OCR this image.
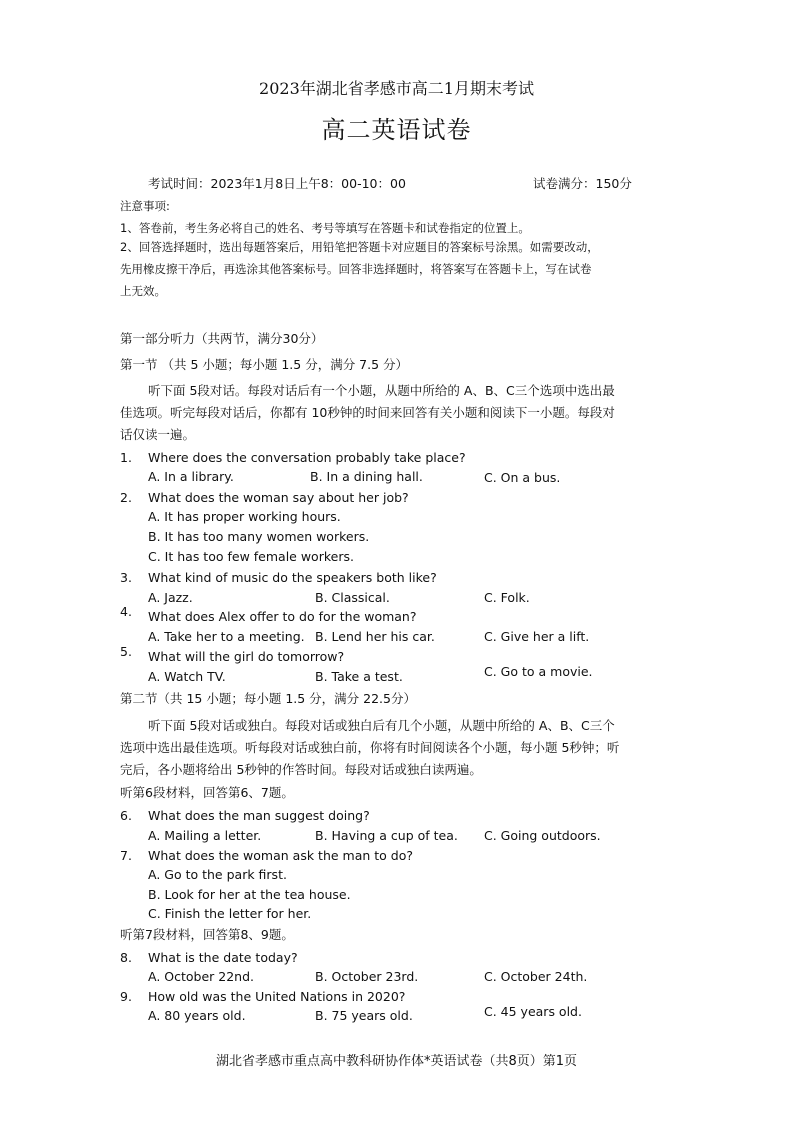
2023年湖北省孝感市高二1月期末考试
高二英语试卷
考试时间：2023年1月8日上午8：00-10：00	试卷满分：150分
注意事项:
1、答卷前，考生务必将自己的姓名、考号等填写在答题卡和试卷指定的位置上。
2、回答选择题时，选出每题答案后，用铅笔把答题卡对应题目的答案标号涂黑。如需要改动，
先用橡皮擦干净后，再选涂其他答案标号。回答非选择题时，将答案写在答题卡上，写在试卷
上无效。
第一部分听力（共两节，满分30分）
第一节 （共 5 小题；每小题 1.5 分，满分 7.5 分）
听下面 5段对话。每段对话后有一个小题，从题中所给的 A、B、C三个选项中选出最
佳选项。听完每段对话后，你都有 10秒钟的时间来回答有关小题和阅读下一小题。每段对
话仅读一遍。
1. Where does the conversation probably take place?
A. In a library.	B. In a dining hall.	C. On a bus.
2. What does the woman say about her job?
A. It has proper working hours.
B. It has too many women workers.
C. It has too few female workers.
3. What kind of music do the speakers both like?
A. Jazz.	B. Classical.	C. Folk.
4. What does Alex offer to do for the woman?
A. Take her to a meeting. B. Lend her his car.	C. Give her a lift.
5. What will the girl do tomorrow?
A. Watch TV.	B. Take a test.	C. Go to a movie.
第二节（共 15 小题；每小题 1.5 分，满分 22.5分）
听下面 5段对话或独白。每段对话或独白后有几个小题，从题中所给的 A、B、C三个
选项中选出最佳选项。听每段对话或独白前，你将有时间阅读各个小题，每小题 5秒钟；听
完后，各小题将给出 5秒钟的作答时间。每段对话或独白读两遍。
听第6段材料，回答第6、7题。
6. What does the man suggest doing?
A. Mailing a letter.	B. Having a cup of tea. C. Going outdoors.
7. What does the woman ask the man to do?
A. Go to the park first.
B. Look for her at the tea house.
C. Finish the letter for her.
听第7段材料，回答第8、9题。
8. What is the date today?
A. October 22nd.	B. October 23rd.	C. October 24th.
9. How old was the United Nations in 2020?
A. 80 years old.	B. 75 years old.	C. 45 years old.
湖北省孝感市重点高中教科研协作体*英语试卷（共8页）第1页
